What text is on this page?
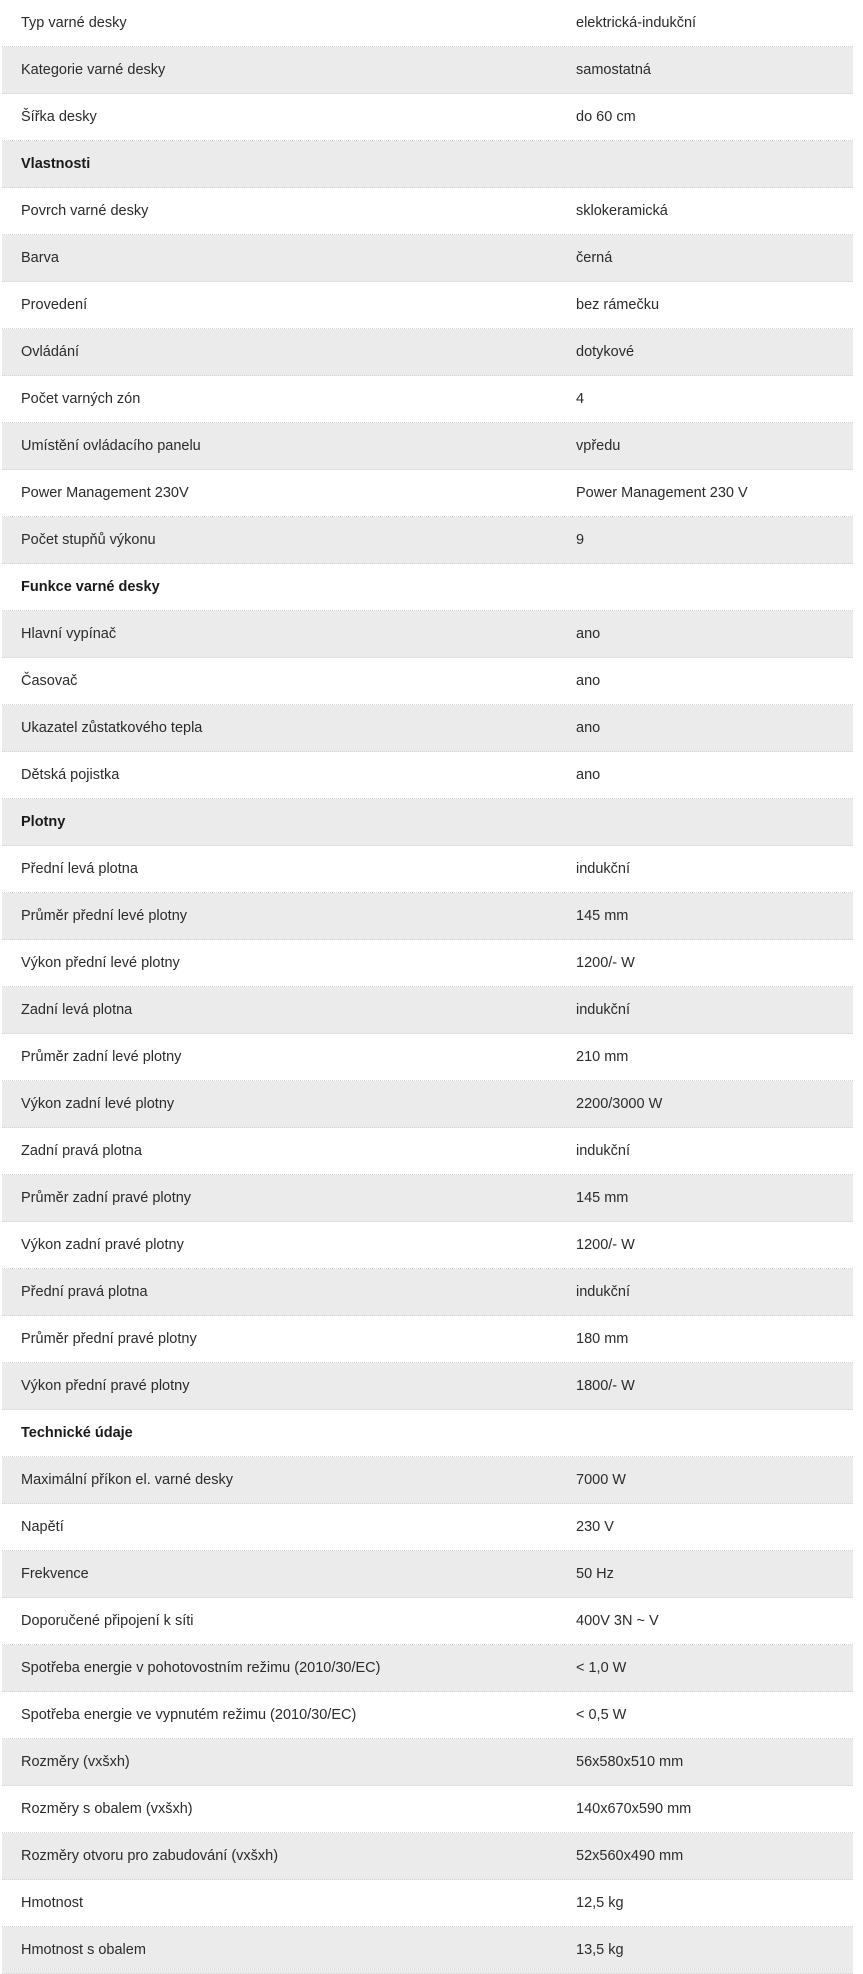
Typ varné desky	elektrická-indukční
Kategorie varné desky	samostatná
Šířka desky	do 60 cm
Vlastnosti
Povrch varné desky	sklokeramická
Barva	černá
Provedení	bez rámečku
Ovládání	dotykové
Počet varných zón	4
Umístění ovládacího panelu	vpředu
Power Management 230V	Power Management 230 V
Počet stupňů výkonu	9
Funkce varné desky
Hlavní vypínač	ano
Časovač	ano
Ukazatel zůstatkového tepla	ano
Dětská pojistka	ano
Plotny
Přední levá plotna	indukční
Průměr přední levé plotny	145 mm
Výkon přední levé plotny	1200/- W
Zadní levá plotna	indukční
Průměr zadní levé plotny	210 mm
Výkon zadní levé plotny	2200/3000 W
Zadní pravá plotna	indukční
Průměr zadní pravé plotny	145 mm
Výkon zadní pravé plotny	1200/- W
Přední pravá plotna	indukční
Průměr přední pravé plotny	180 mm
Výkon přední pravé plotny	1800/- W
Technické údaje
Maximální příkon el. varné desky	7000 W
Napětí	230 V
Frekvence	50 Hz
Doporučené připojení k síti	400V 3N ~ V
Spotřeba energie v pohotovostním režimu (2010/30/EC)	< 1,0 W
Spotřeba energie ve vypnutém režimu (2010/30/EC)	< 0,5 W
Rozměry (vxšxh)	56x580x510 mm
Rozměry s obalem (vxšxh)	140x670x590 mm
Rozměry otvoru pro zabudování (vxšxh)	52x560x490 mm
Hmotnost	12,5 kg
Hmotnost s obalem	13,5 kg
